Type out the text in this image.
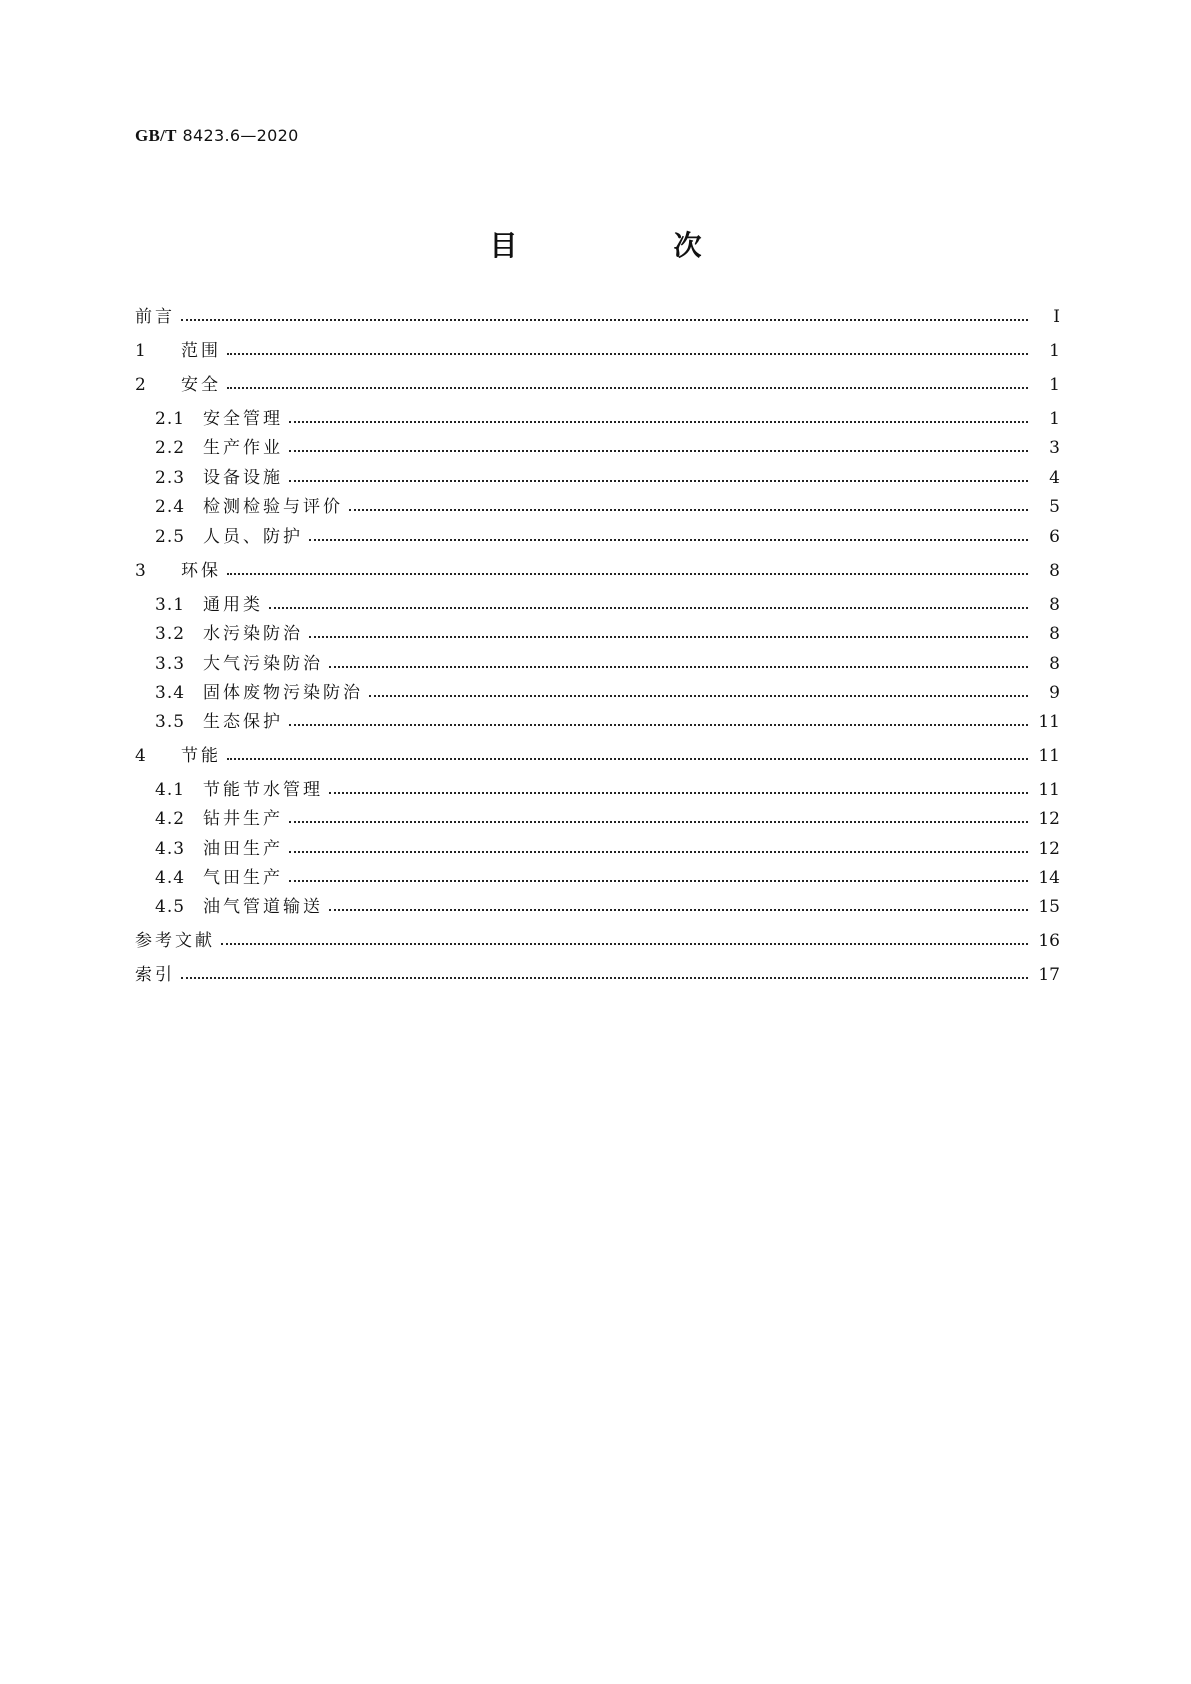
GB/T 8423.6—2020
目　次
前言	Ⅰ
1	范围	1
2	安全	1
2.1	安全管理	1
2.2	生产作业	3
2.3	设备设施	4
2.4	检测检验与评价	5
2.5	人员、防护	6
3	环保	8
3.1	通用类	8
3.2	水污染防治	8
3.3	大气污染防治	8
3.4	固体废物污染防治	9
3.5	生态保护	11
4	节能	11
4.1	节能节水管理	11
4.2	钻井生产	12
4.3	油田生产	12
4.4	气田生产	14
4.5	油气管道输送	15
参考文献	16
索引	17
